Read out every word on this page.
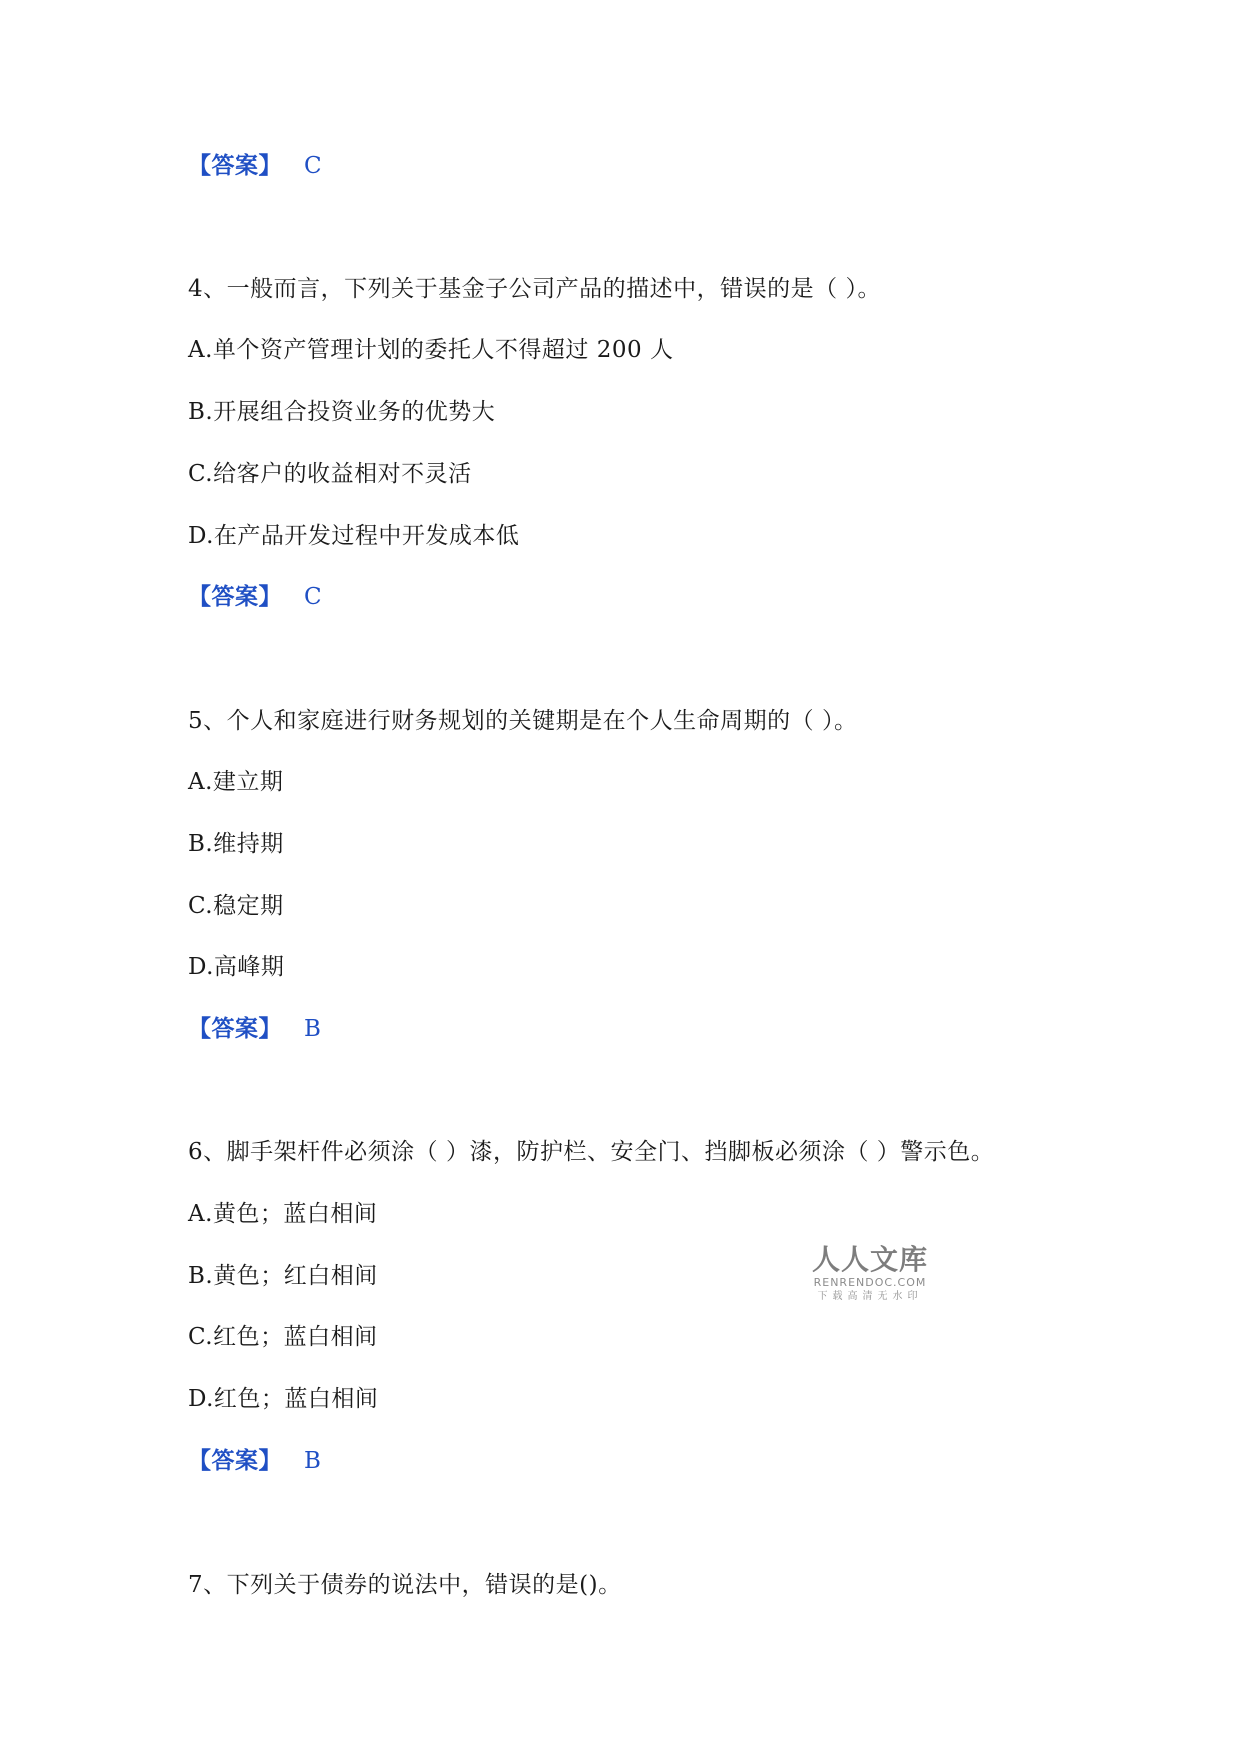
【答案】 C
4、一般而言，下列关于基金子公司产品的描述中，错误的是（ ）。
A.单个资产管理计划的委托人不得超过 200 人
B.开展组合投资业务的优势大
C.给客户的收益相对不灵活
D.在产品开发过程中开发成本低
【答案】 C
5、个人和家庭进行财务规划的关键期是在个人生命周期的（ ）。
A.建立期
B.维持期
C.稳定期
D.高峰期
【答案】 B
6、脚手架杆件必须涂（ ）漆，防护栏、安全门、挡脚板必须涂（ ）警示色。
A.黄色；蓝白相间
B.黄色；红白相间
C.红色；蓝白相间
D.红色；蓝白相间
【答案】 B
7、下列关于债券的说法中，错误的是()。
人人文库
RENRENDOC.COM
下载高清无水印
